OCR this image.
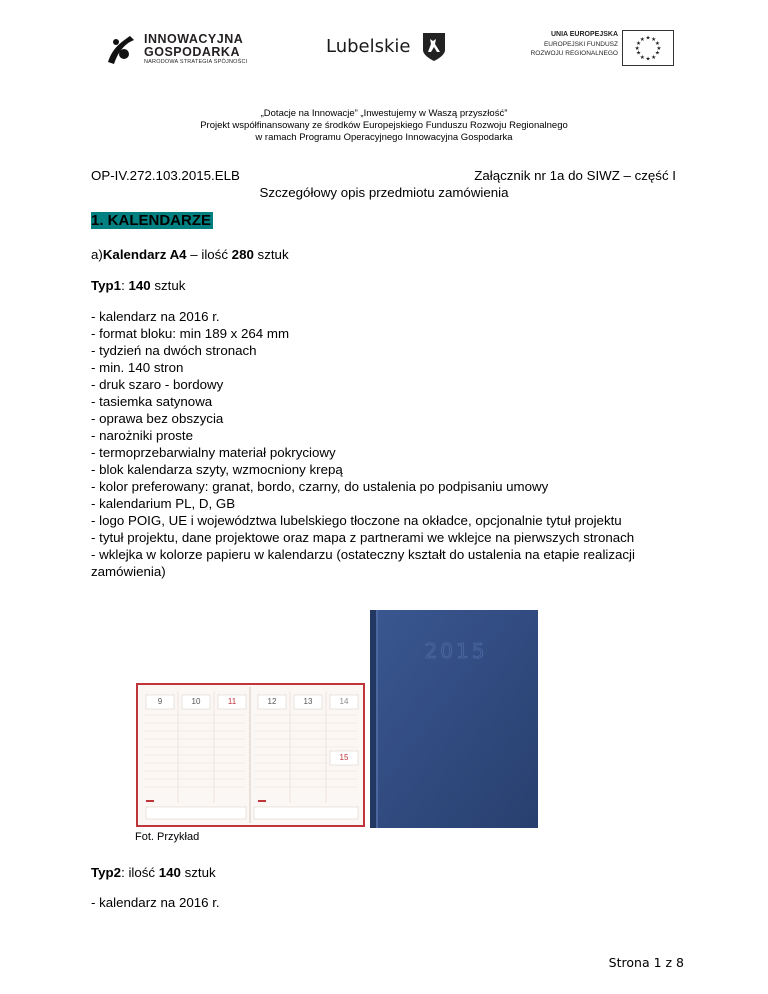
INNOWACYJNA
GOSPODARKA
NARODOWA STRATEGIA SPÓJNOŚCI
Lubelskie
UNIA EUROPEJSKA
EUROPEJSKI FUNDUSZ
ROZWOJU REGIONALNEGO
★ ★
★
★
★
★
★
★
★
★
★
★
„Dotacje na Innowacje” „Inwestujemy w Waszą przyszłość”
Projekt współfinansowany ze środków Europejskiego Funduszu Rozwoju Regionalnego
w ramach Programu Operacyjnego Innowacyjna Gospodarka
OP-IV.272.103.2015.ELB	Załącznik nr 1a do SIWZ – część I
Szczegółowy opis przedmiotu zamówienia
1. KALENDARZE
a)Kalendarz A4 – ilość 280 sztuk
Typ1: 140 sztuk
- kalendarz na 2016 r.
- format bloku: min 189 x 264 mm
- tydzień na dwóch stronach
- min. 140 stron
- druk szaro - bordowy
- tasiemka satynowa
- oprawa bez obszycia
- narożniki proste
- termoprzebarwialny materiał pokryciowy
- blok kalendarza szyty, wzmocniony krepą
- kolor preferowany: granat, bordo, czarny, do ustalenia po podpisaniu umowy
- kalendarium PL, D, GB
- logo POIG, UE i województwa lubelskiego tłoczone na okładce, opcjonalnie tytuł projektu
- tytuł projektu, dane projektowe oraz mapa z partnerami we wklejce na pierwszych stronach
- wklejka w kolorze papieru w kalendarzu (ostateczny kształt do ustalenia na etapie realizacji
zamówienia)
9	10	11	12	13	14
15
2015
Fot. Przykład
Typ2: ilość 140 sztuk
- kalendarz na 2016 r.
Strona 1 z 8
